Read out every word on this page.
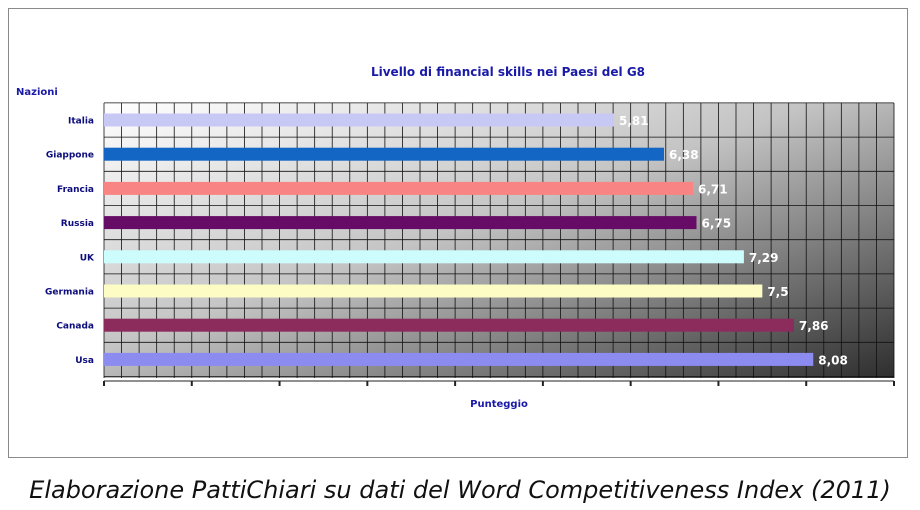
Livello di financial skills nei Paesi del G8
Nazioni
Punteggio
Italia	5,81
Giappone	6,38
Francia	6,71
Russia	6,75
UK	7,29
Germania	7,5
Canada	7,86
Usa	8,08
Elaborazione PattiChiari su dati del Word Competitiveness Index (2011)
